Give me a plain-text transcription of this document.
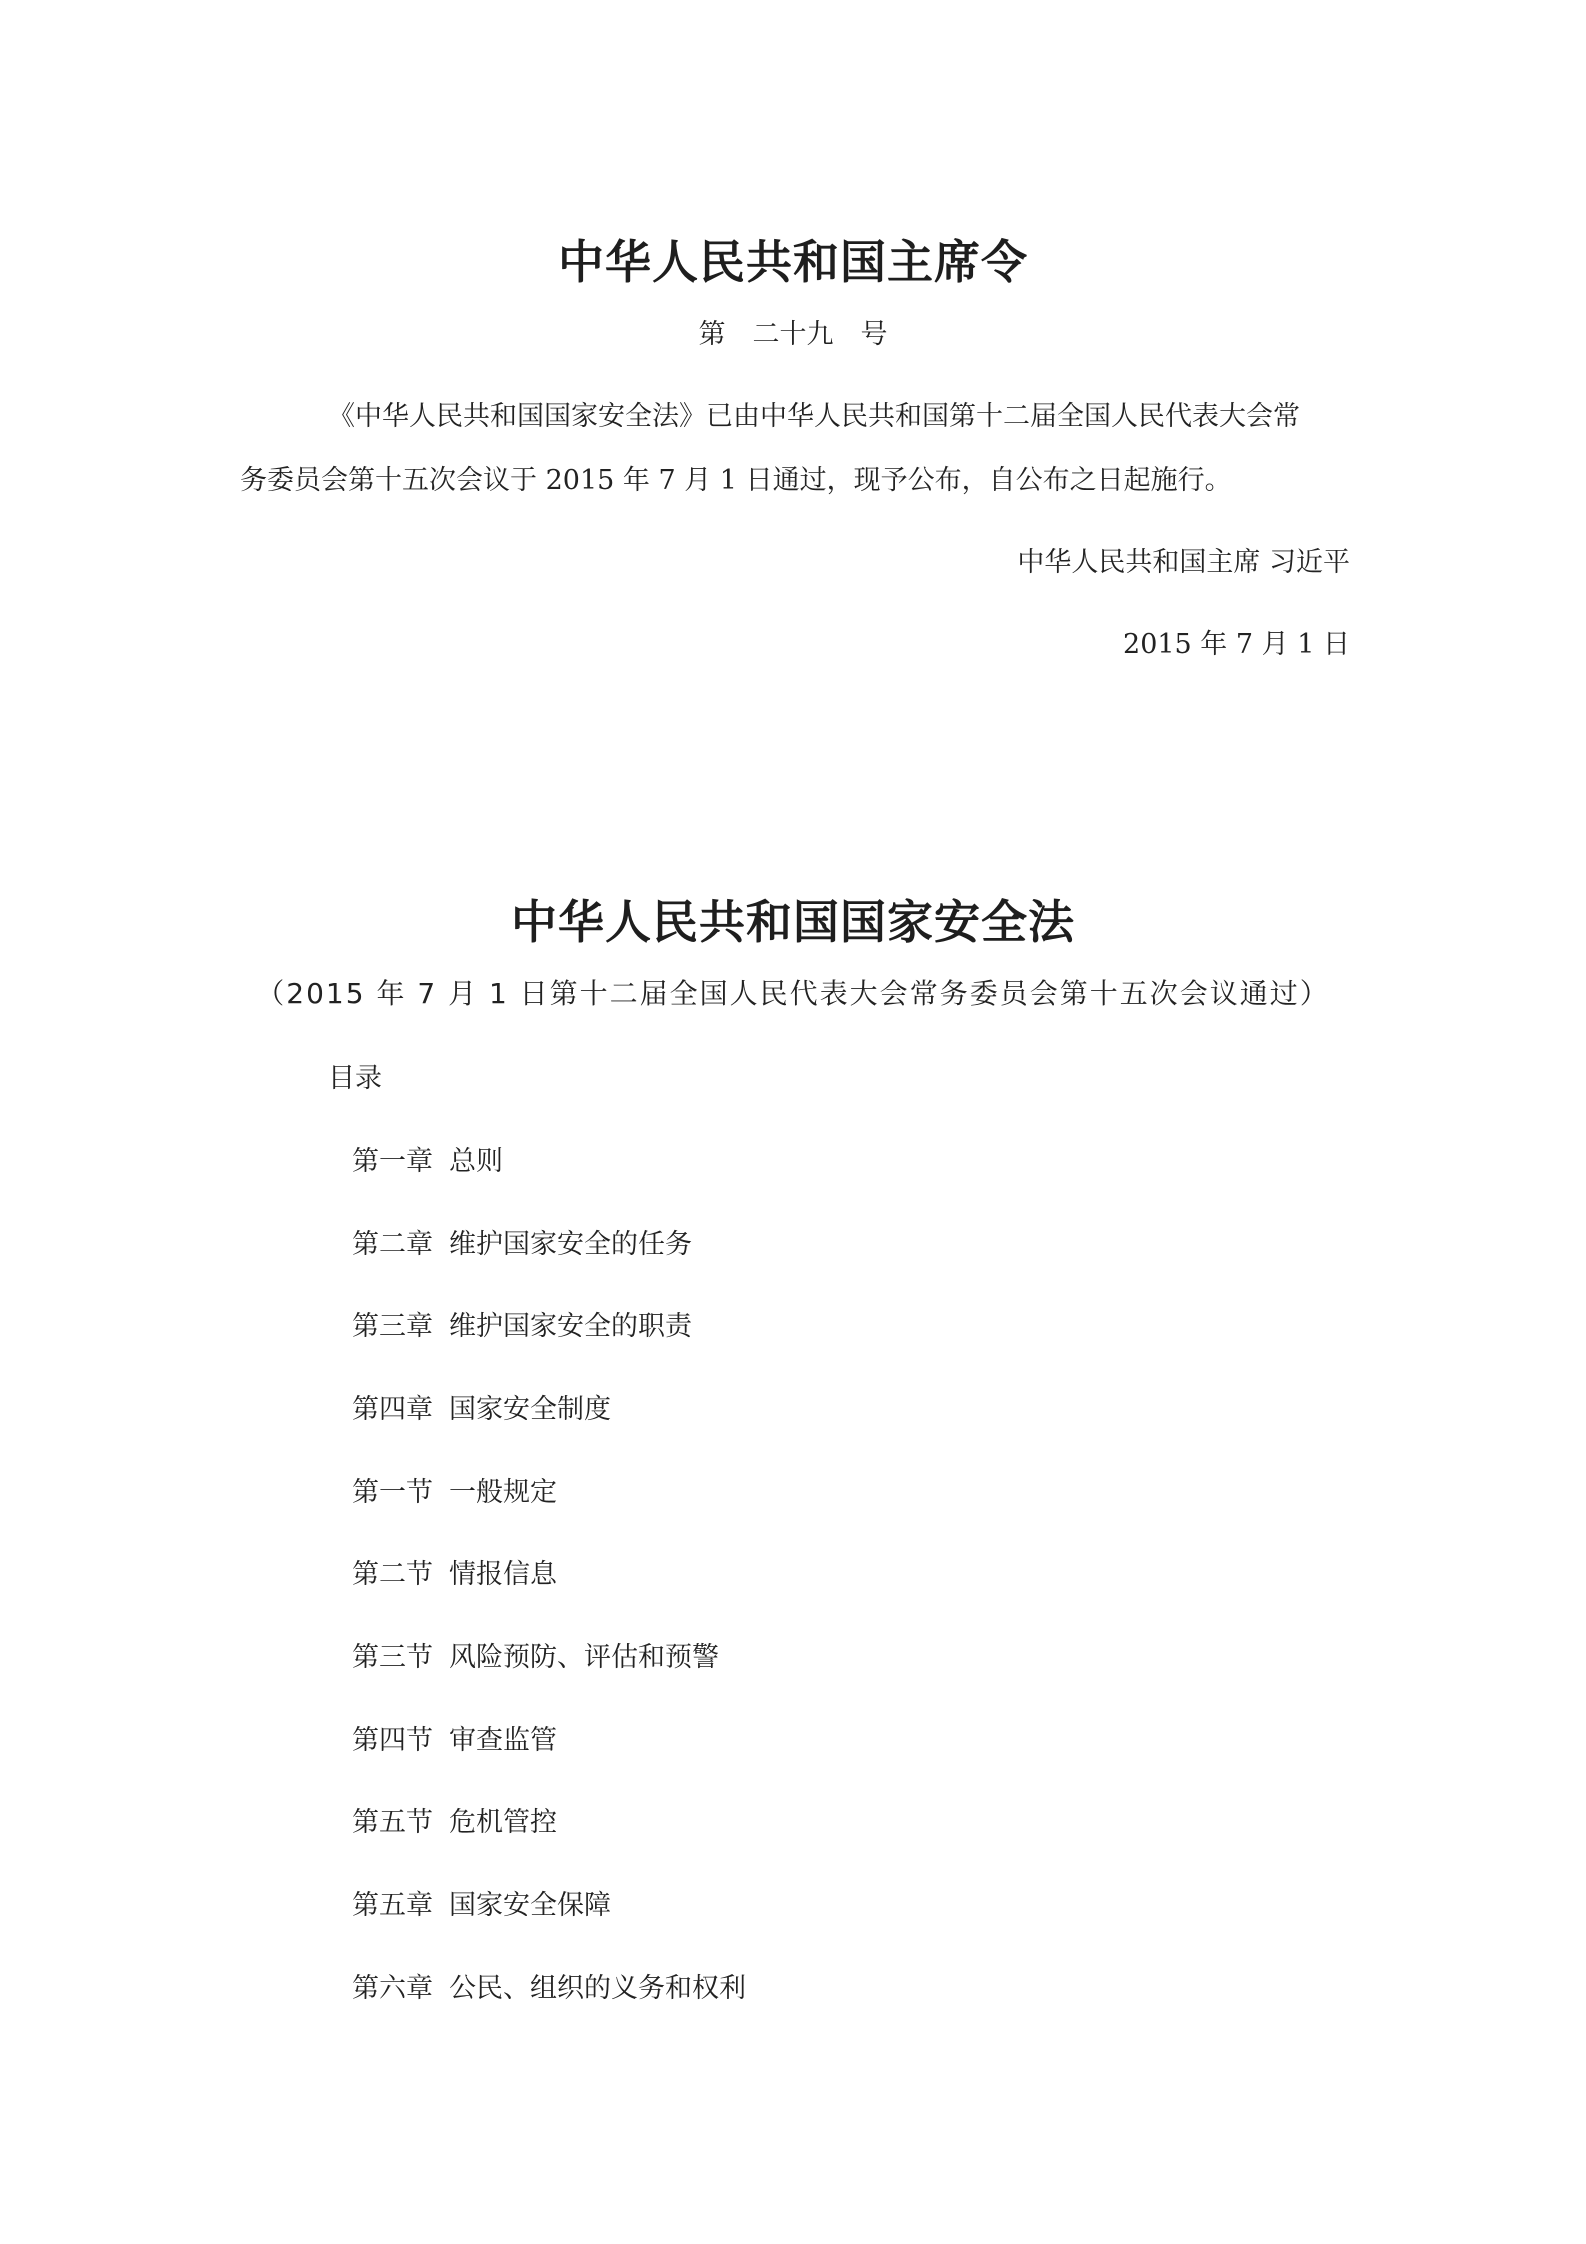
中华人民共和国主席令
第　二十九　号

《中华人民共和国国家安全法》已由中华人民共和国第十二届全国人民代表大会常

务委员会第十五次会议于 2015 年 7 月 1 日通过，现予公布，自公布之日起施行。

中华人民共和国主席 习近平
2015 年 7 月 1 日
中华人民共和国国家安全法
（2015 年 7 月 1 日第十二届全国人民代表大会常务委员会第十五次会议通过）
目录
第一章 总则
第二章 维护国家安全的任务
第三章 维护国家安全的职责
第四章 国家安全制度
第一节 一般规定
第二节 情报信息
第三节 风险预防、评估和预警
第四节 审查监管
第五节 危机管控
第五章 国家安全保障
第六章 公民、组织的义务和权利
